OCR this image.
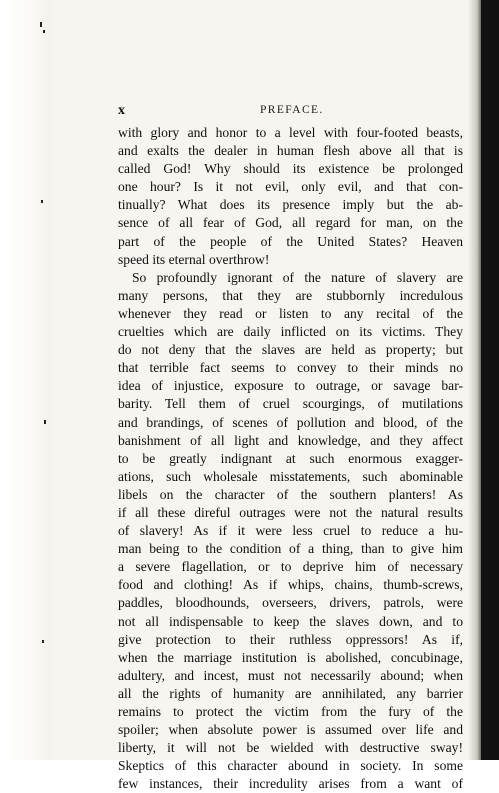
x	PREFACE.
with glory and honor to a level with four-footed beasts,
and exalts the dealer in human flesh above all that is
called God! Why should its existence be prolonged
one hour? Is it not evil, only evil, and that con-
tinually? What does its presence imply but the ab-
sence of all fear of God, all regard for man, on the
part of the people of the United States? Heaven
speed its eternal overthrow!
So profoundly ignorant of the nature of slavery are
many persons, that they are stubbornly incredulous
whenever they read or listen to any recital of the
cruelties which are daily inflicted on its victims. They
do not deny that the slaves are held as property; but
that terrible fact seems to convey to their minds no
idea of injustice, exposure to outrage, or savage bar-
barity. Tell them of cruel scourgings, of mutilations
and brandings, of scenes of pollution and blood, of the
banishment of all light and knowledge, and they affect
to be greatly indignant at such enormous exagger-
ations, such wholesale misstatements, such abominable
libels on the character of the southern planters! As
if all these direful outrages were not the natural results
of slavery! As if it were less cruel to reduce a hu-
man being to the condition of a thing, than to give him
a severe flagellation, or to deprive him of necessary
food and clothing! As if whips, chains, thumb-screws,
paddles, bloodhounds, overseers, drivers, patrols, were
not all indispensable to keep the slaves down, and to
give protection to their ruthless oppressors! As if,
when the marriage institution is abolished, concubinage,
adultery, and incest, must not necessarily abound; when
all the rights of humanity are annihilated, any barrier
remains to protect the victim from the fury of the
spoiler; when absolute power is assumed over life and
liberty, it will not be wielded with destructive sway!
Skeptics of this character abound in society. In some
few instances, their incredulity arises from a want of
